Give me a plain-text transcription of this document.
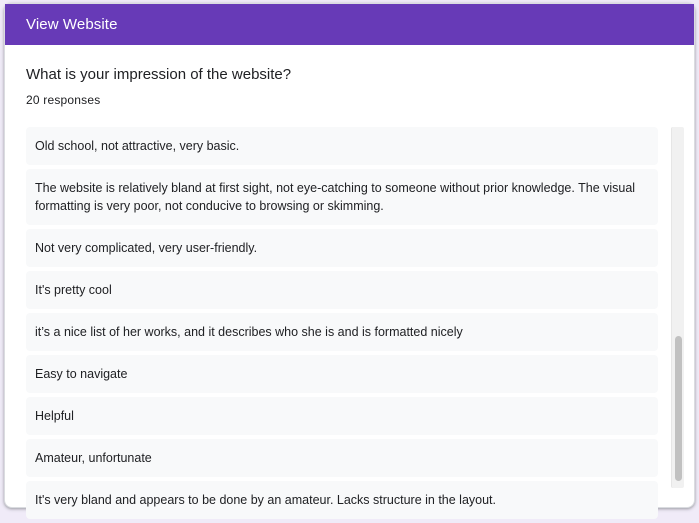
View Website
What is your impression of the website?
20 responses
Old school, not attractive, very basic.
The website is relatively bland at first sight, not eye-catching to someone without prior knowledge. The visual formatting is very poor, not conducive to browsing or skimming.
Not very complicated, very user-friendly.
It's pretty cool
it’s a nice list of her works, and it describes who she is and is formatted nicely
Easy to navigate
Helpful
Amateur, unfortunate
It's very bland and appears to be done by an amateur. Lacks structure in the layout.
